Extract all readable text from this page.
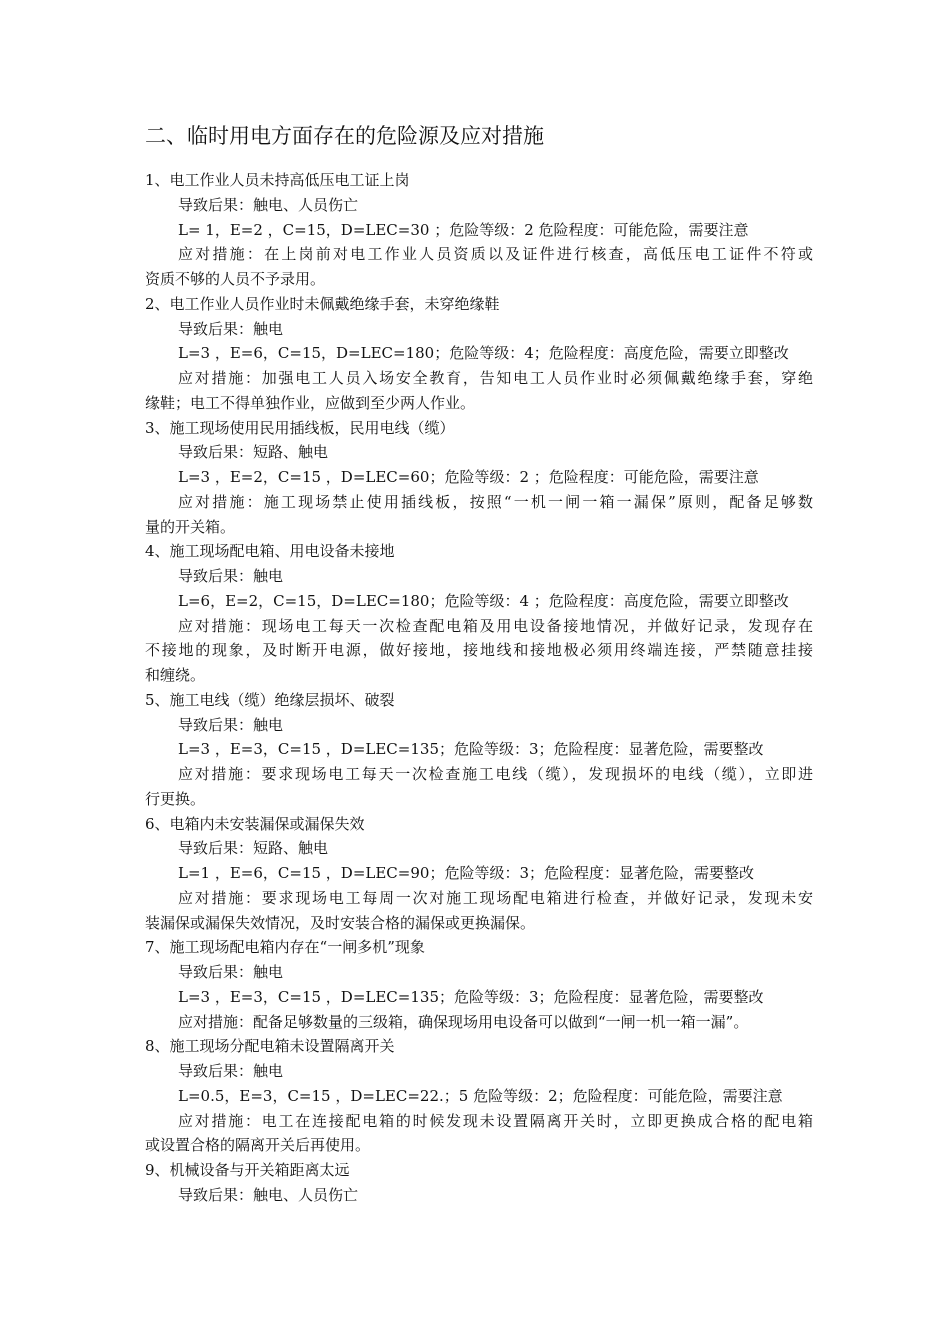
二、临时用电方面存在的危险源及应对措施
1、电工作业人员未持高低压电工证上岗
导致后果：触电、人员伤亡
L= 1，E=2 ，C=15，D=LEC=30 ；危险等级：2 危险程度：可能危险，需要注意
应对措施：在上岗前对电工作业人员资质以及证件进行核查，高低压电工证件不符或
资质不够的人员不予录用。
2、电工作业人员作业时未佩戴绝缘手套，未穿绝缘鞋
导致后果：触电
L=3 ，E=6，C=15，D=LEC=180；危险等级：4；危险程度：高度危险，需要立即整改
应对措施：加强电工人员入场安全教育，告知电工人员作业时必须佩戴绝缘手套，穿绝
缘鞋；电工不得单独作业，应做到至少两人作业。
3、施工现场使用民用插线板，民用电线（缆）
导致后果：短路、触电
L=3 ，E=2，C=15 ，D=LEC=60；危险等级：2 ；危险程度：可能危险，需要注意
应对措施：施工现场禁止使用插线板，按照“一机一闸一箱一漏保”原则，配备足够数
量的开关箱。
4、施工现场配电箱、用电设备未接地
导致后果：触电
L=6，E=2，C=15，D=LEC=180；危险等级：4 ；危险程度：高度危险，需要立即整改
应对措施：现场电工每天一次检查配电箱及用电设备接地情况，并做好记录，发现存在
不接地的现象，及时断开电源，做好接地，接地线和接地极必须用终端连接，严禁随意挂接
和缠绕。
5、施工电线（缆）绝缘层损坏、破裂
导致后果：触电
L=3 ，E=3，C=15 ，D=LEC=135；危险等级：3；危险程度：显著危险，需要整改
应对措施：要求现场电工每天一次检查施工电线（缆），发现损坏的电线（缆），立即进
行更换。
6、电箱内未安装漏保或漏保失效
导致后果：短路、触电
L=1 ，E=6，C=15 ，D=LEC=90；危险等级：3；危险程度：显著危险，需要整改
应对措施：要求现场电工每周一次对施工现场配电箱进行检查，并做好记录，发现未安
装漏保或漏保失效情况，及时安装合格的漏保或更换漏保。
7、施工现场配电箱内存在“一闸多机”现象
导致后果：触电
L=3 ，E=3，C=15 ，D=LEC=135；危险等级：3；危险程度：显著危险，需要整改
应对措施：配备足够数量的三级箱，确保现场用电设备可以做到“一闸一机一箱一漏”。
8、施工现场分配电箱未设置隔离开关
导致后果：触电
L=0.5，E=3，C=15 ，D=LEC=22.；5 危险等级：2；危险程度：可能危险，需要注意
应对措施：电工在连接配电箱的时候发现未设置隔离开关时，立即更换成合格的配电箱
或设置合格的隔离开关后再使用。
9、机械设备与开关箱距离太远
导致后果：触电、人员伤亡
